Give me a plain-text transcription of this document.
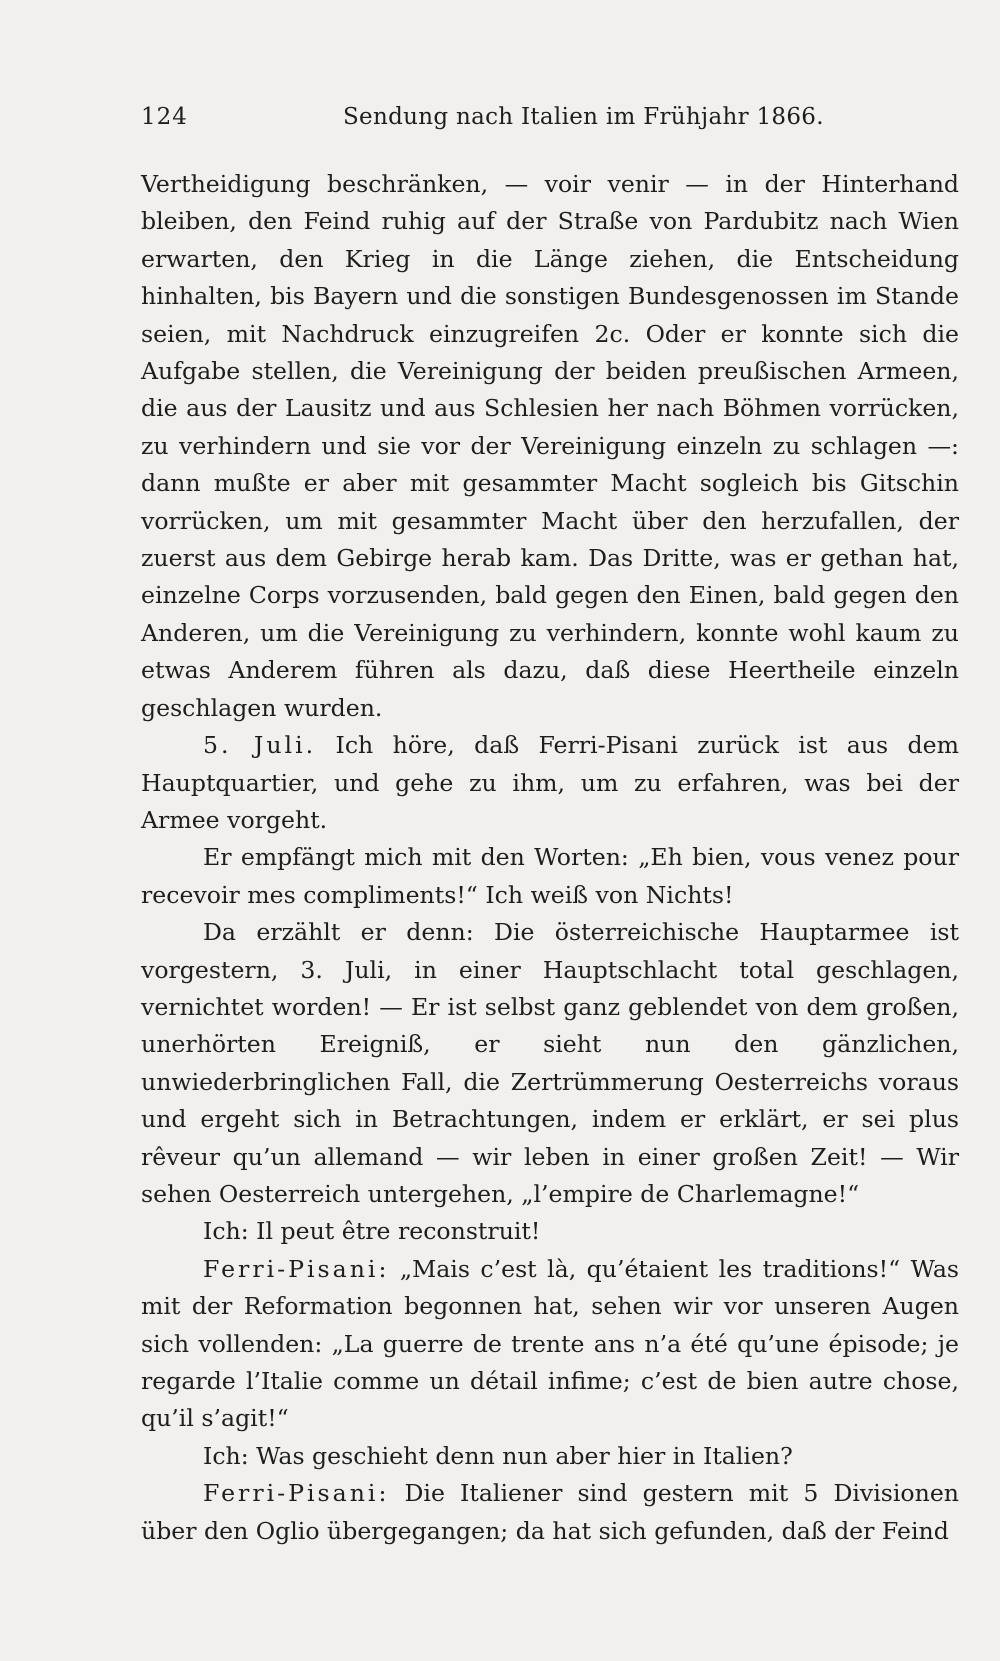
124	Sendung nach Italien im Frühjahr 1866.

Vertheidigung beschränken, — voir venir — in der Hinterhand bleiben, den Feind ruhig auf der Straße von Pardubitz nach Wien erwarten, den Krieg in die Länge ziehen, die Entscheidung hinhalten, bis Bayern und die sonstigen Bundesgenossen im Stande seien, mit Nachdruck einzugreifen 2c. Oder er konnte sich die Aufgabe stellen, die Vereinigung der beiden preußischen Armeen, die aus der Lausitz und aus Schlesien her nach Böhmen vorrücken, zu verhindern und sie vor der Vereinigung einzeln zu schlagen —: dann mußte er aber mit gesammter Macht sogleich bis Gitschin vorrücken, um mit gesammter Macht über den herzufallen, der zuerst aus dem Gebirge herab kam. Das Dritte, was er gethan hat, einzelne Corps vorzusenden, bald gegen den Einen, bald gegen den Anderen, um die Vereinigung zu verhindern, konnte wohl kaum zu etwas Anderem führen als dazu, daß diese Heertheile einzeln geschlagen wurden.

5. Juli. Ich höre, daß Ferri-Pisani zurück ist aus dem Hauptquartier, und gehe zu ihm, um zu erfahren, was bei der Armee vorgeht.

Er empfängt mich mit den Worten: „Eh bien, vous venez pour recevoir mes compliments!“ Ich weiß von Nichts!

Da erzählt er denn: Die österreichische Hauptarmee ist vorgestern, 3. Juli, in einer Hauptschlacht total geschlagen, vernichtet worden! — Er ist selbst ganz geblendet von dem großen, unerhörten Ereigniß, er sieht nun den gänzlichen, unwiederbringlichen Fall, die Zertrümmerung Oesterreichs voraus und ergeht sich in Betrachtungen, indem er erklärt, er sei plus rêveur qu’un allemand — wir leben in einer großen Zeit! — Wir sehen Oesterreich untergehen, „l’empire de Charlemagne!“

Ich: Il peut être reconstruit!

Ferri-Pisani: „Mais c’est là, qu’étaient les traditions!“ Was mit der Reformation begonnen hat, sehen wir vor unseren Augen sich vollenden: „La guerre de trente ans n’a été qu’une épisode; je regarde l’Italie comme un détail infime; c’est de bien autre chose, qu’il s’agit!“

Ich: Was geschieht denn nun aber hier in Italien?

Ferri-Pisani: Die Italiener sind gestern mit 5 Divisionen über den Oglio übergegangen; da hat sich gefunden, daß der Feind
